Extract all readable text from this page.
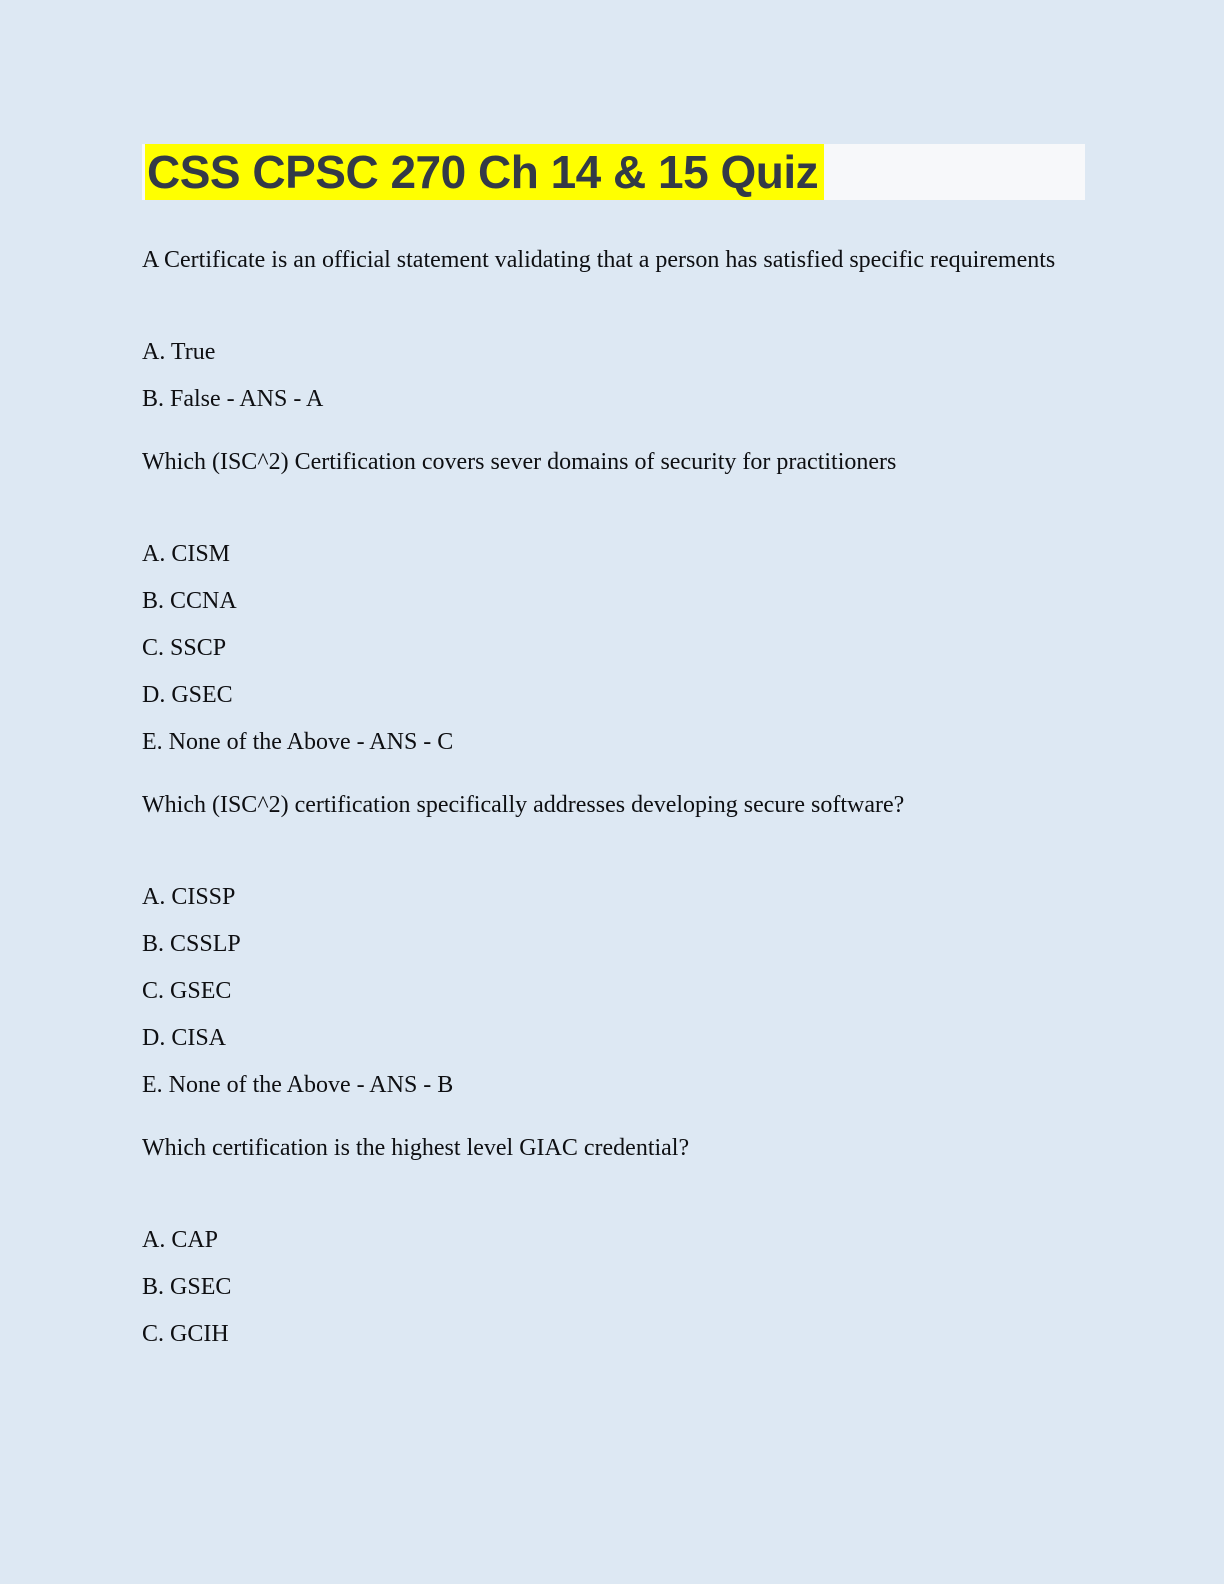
CSS CPSC 270 Ch 14 & 15 Quiz

A Certificate is an official statement validating that a person has satisfied specific requirements

A. True

B. False - ANS - A

Which (ISC^2) Certification covers sever domains of security for practitioners

A. CISM

B. CCNA

C. SSCP

D. GSEC

E. None of the Above - ANS - C

Which (ISC^2) certification specifically addresses developing secure software?

A. CISSP

B. CSSLP

C. GSEC

D. CISA

E. None of the Above - ANS - B

Which certification is the highest level GIAC credential?

A. CAP

B. GSEC

C. GCIH
